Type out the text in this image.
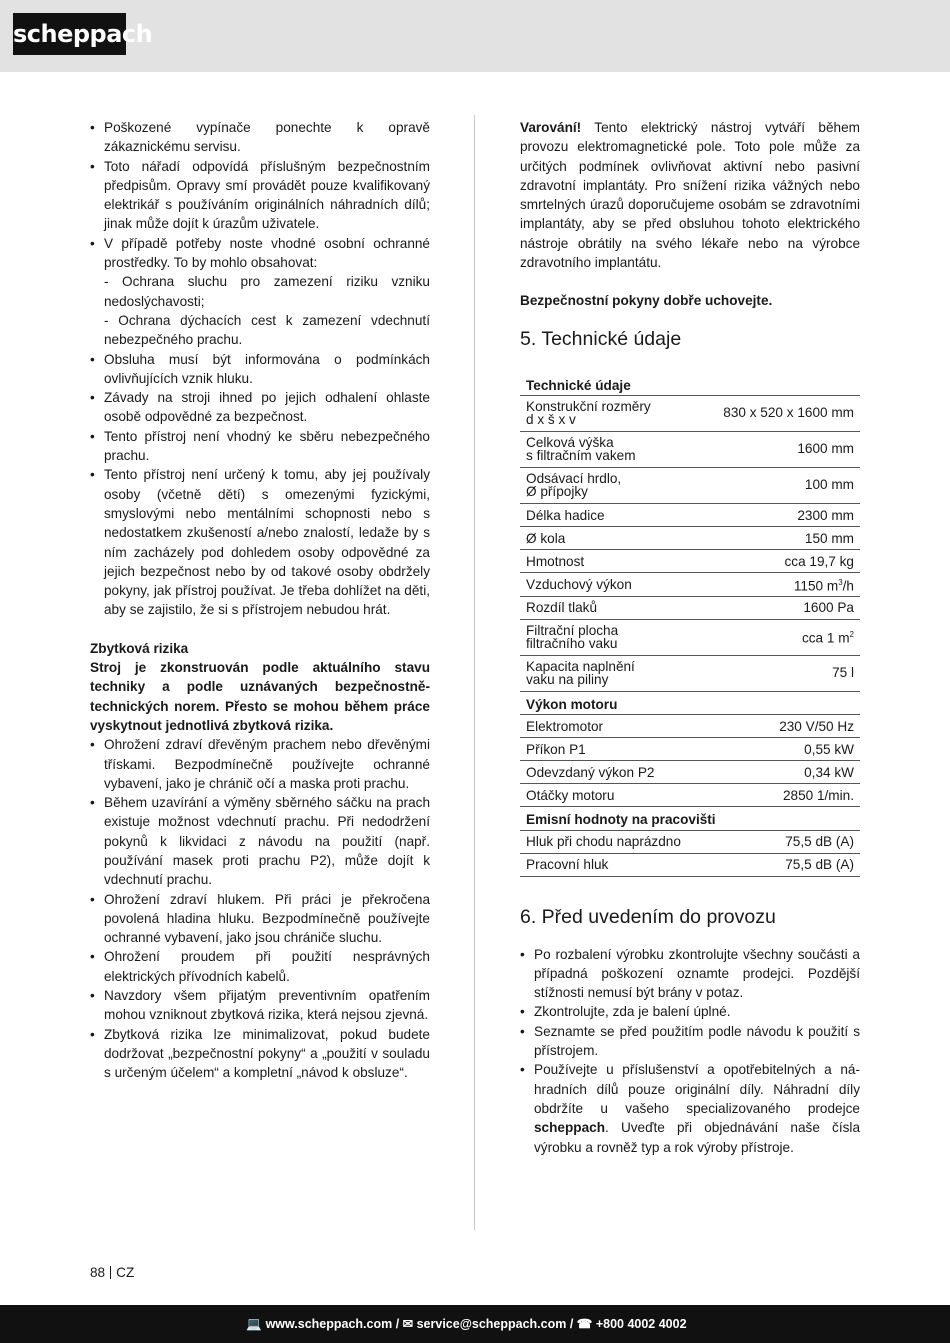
scheppach
• Poškozené vypínače ponechte k opravě zákaznickému servisu.
• Toto nářadí odpovídá příslušným bezpečnostním předpisům. Opravy smí provádět pouze kvalifikovaný elektrikář s používáním originálních náhradních dílů; jinak může dojít k úrazům uživatele.
• V případě potřeby noste vhodné osobní ochranné prostředky. To by mohlo obsahovat:
- Ochrana sluchu pro zamezení riziku vzniku nedoslýchavosti;
- Ochrana dýchacích cest k zamezení vdechnutí nebezpečného prachu.
• Obsluha musí být informována o podmínkách ovlivňujících vznik hluku.
• Závady na stroji ihned po jejich odhalení ohlaste osobě odpovědné za bezpečnost.
• Tento přístroj není vhodný ke sběru nebezpečného prachu.
• Tento přístroj není určený k tomu, aby jej používaly osoby (včetně dětí) s omezenými fyzickými, smyslovými nebo mentálními schopnosti nebo s nedostatkem zkušeností a/nebo znalostí, ledaže by s ním zacházely pod dohledem osoby odpovědné za jejich bezpečnost nebo by od takové osoby obdržely pokyny, jak přístroj používat. Je třeba dohlížet na děti, aby se zajistilo, že si s přístrojem nebudou hrát.
Zbytková rizika
Stroj je zkonstruován podle aktuálního stavu techniky a podle uznávaných bezpečnostně-technických norem. Přesto se mohou během práce vyskytnout jednotlivá zbytková rizika.
• Ohrožení zdraví dřevěným prachem nebo dřevěnými třískami. Bezpodmínečně používejte ochranné vybavení, jako je chránič očí a maska proti prachu.
• Během uzavírání a výměny sběrného sáčku na prach existuje možnost vdechnutí prachu. Při nedodržení pokynů k likvidaci z návodu na použití (např. používání masek proti prachu P2), může dojít k vdechnutí prachu.
• Ohrožení zdraví hlukem. Při práci je překročena povolená hladina hluku. Bezpodmínečně používejte ochranné vybavení, jako jsou chrániče sluchu.
• Ohrožení proudem při použití nesprávných elektrických přívodních kabelů.
• Navzdory všem přijatým preventivním opatřením mohou vzniknout zbytková rizika, která nejsou zjevná.
• Zbytková rizika lze minimalizovat, pokud budete dodržovat „bezpečnostní pokyny“ a „použití v souladu s určeným účelem“ a kompletní „návod k obsluze“.

Varování! Tento elektrický nástroj vytváří během provozu elektromagnetické pole. Toto pole může za určitých podmínek ovlivňovat aktivní nebo pasivní zdravotní implantáty. Pro snížení rizika vážných nebo smrtelných úrazů doporučujeme osobám se zdravotními implantáty, aby se před obsluhou tohoto elektrického nástroje obrátily na svého lékaře nebo na výrobce zdravotního implantátu.

Bezpečnostní pokyny dobře uchovejte.

5. Technické údaje
Technické údaje	
Konstrukční rozměry
d x š x v	830 x 520 x 1600 mm
Celková výška
s filtračním vakem	1600 mm
Odsávací hrdlo,
Ø přípojky	100 mm
Délka hadice	2300 mm
Ø kola	150 mm
Hmotnost	cca 19,7 kg
Vzduchový výkon	1150 $m^3/h$
Rozdíl tlaků	1600 Pa
Filtrační plocha
filtračního vaku	cca 1 $m^2$
Kapacita naplnění
vaku na piliny	75 l
Výkon motoru	
Elektromotor	230 V/50 Hz
Příkon P1	0,55 kW
Odevzdaný výkon P2	0,34 kW
Otáčky motoru	2850 1/min.
Emisní hodnoty na pracovišti	
Hluk při chodu naprázdno	75,5 dB (A)
Pracovní hluk	75,5 dB (A)
6. Před uvedením do provozu
• Po rozbalení výrobku zkontrolujte všechny součásti a případná poškození oznamte prodejci. Pozdější stížnosti nemusí být brány v potaz.
• Zkontrolujte, zda je balení úplné.
• Seznamte se před použitím podle návodu k použití s přístrojem.
• Používejte u příslušenství a opotřebitelných a náhradních dílů pouze originální díly. Náhradní díly obdržíte u vašeho specializovaného prodejce scheppach. Uveďte při objednávání naše čísla výrobku a rovněž typ a rok výroby přístroje.
88 CZ
💻 www.scheppach.com / ✉ service@scheppach.com / ☎ +800 4002 4002
